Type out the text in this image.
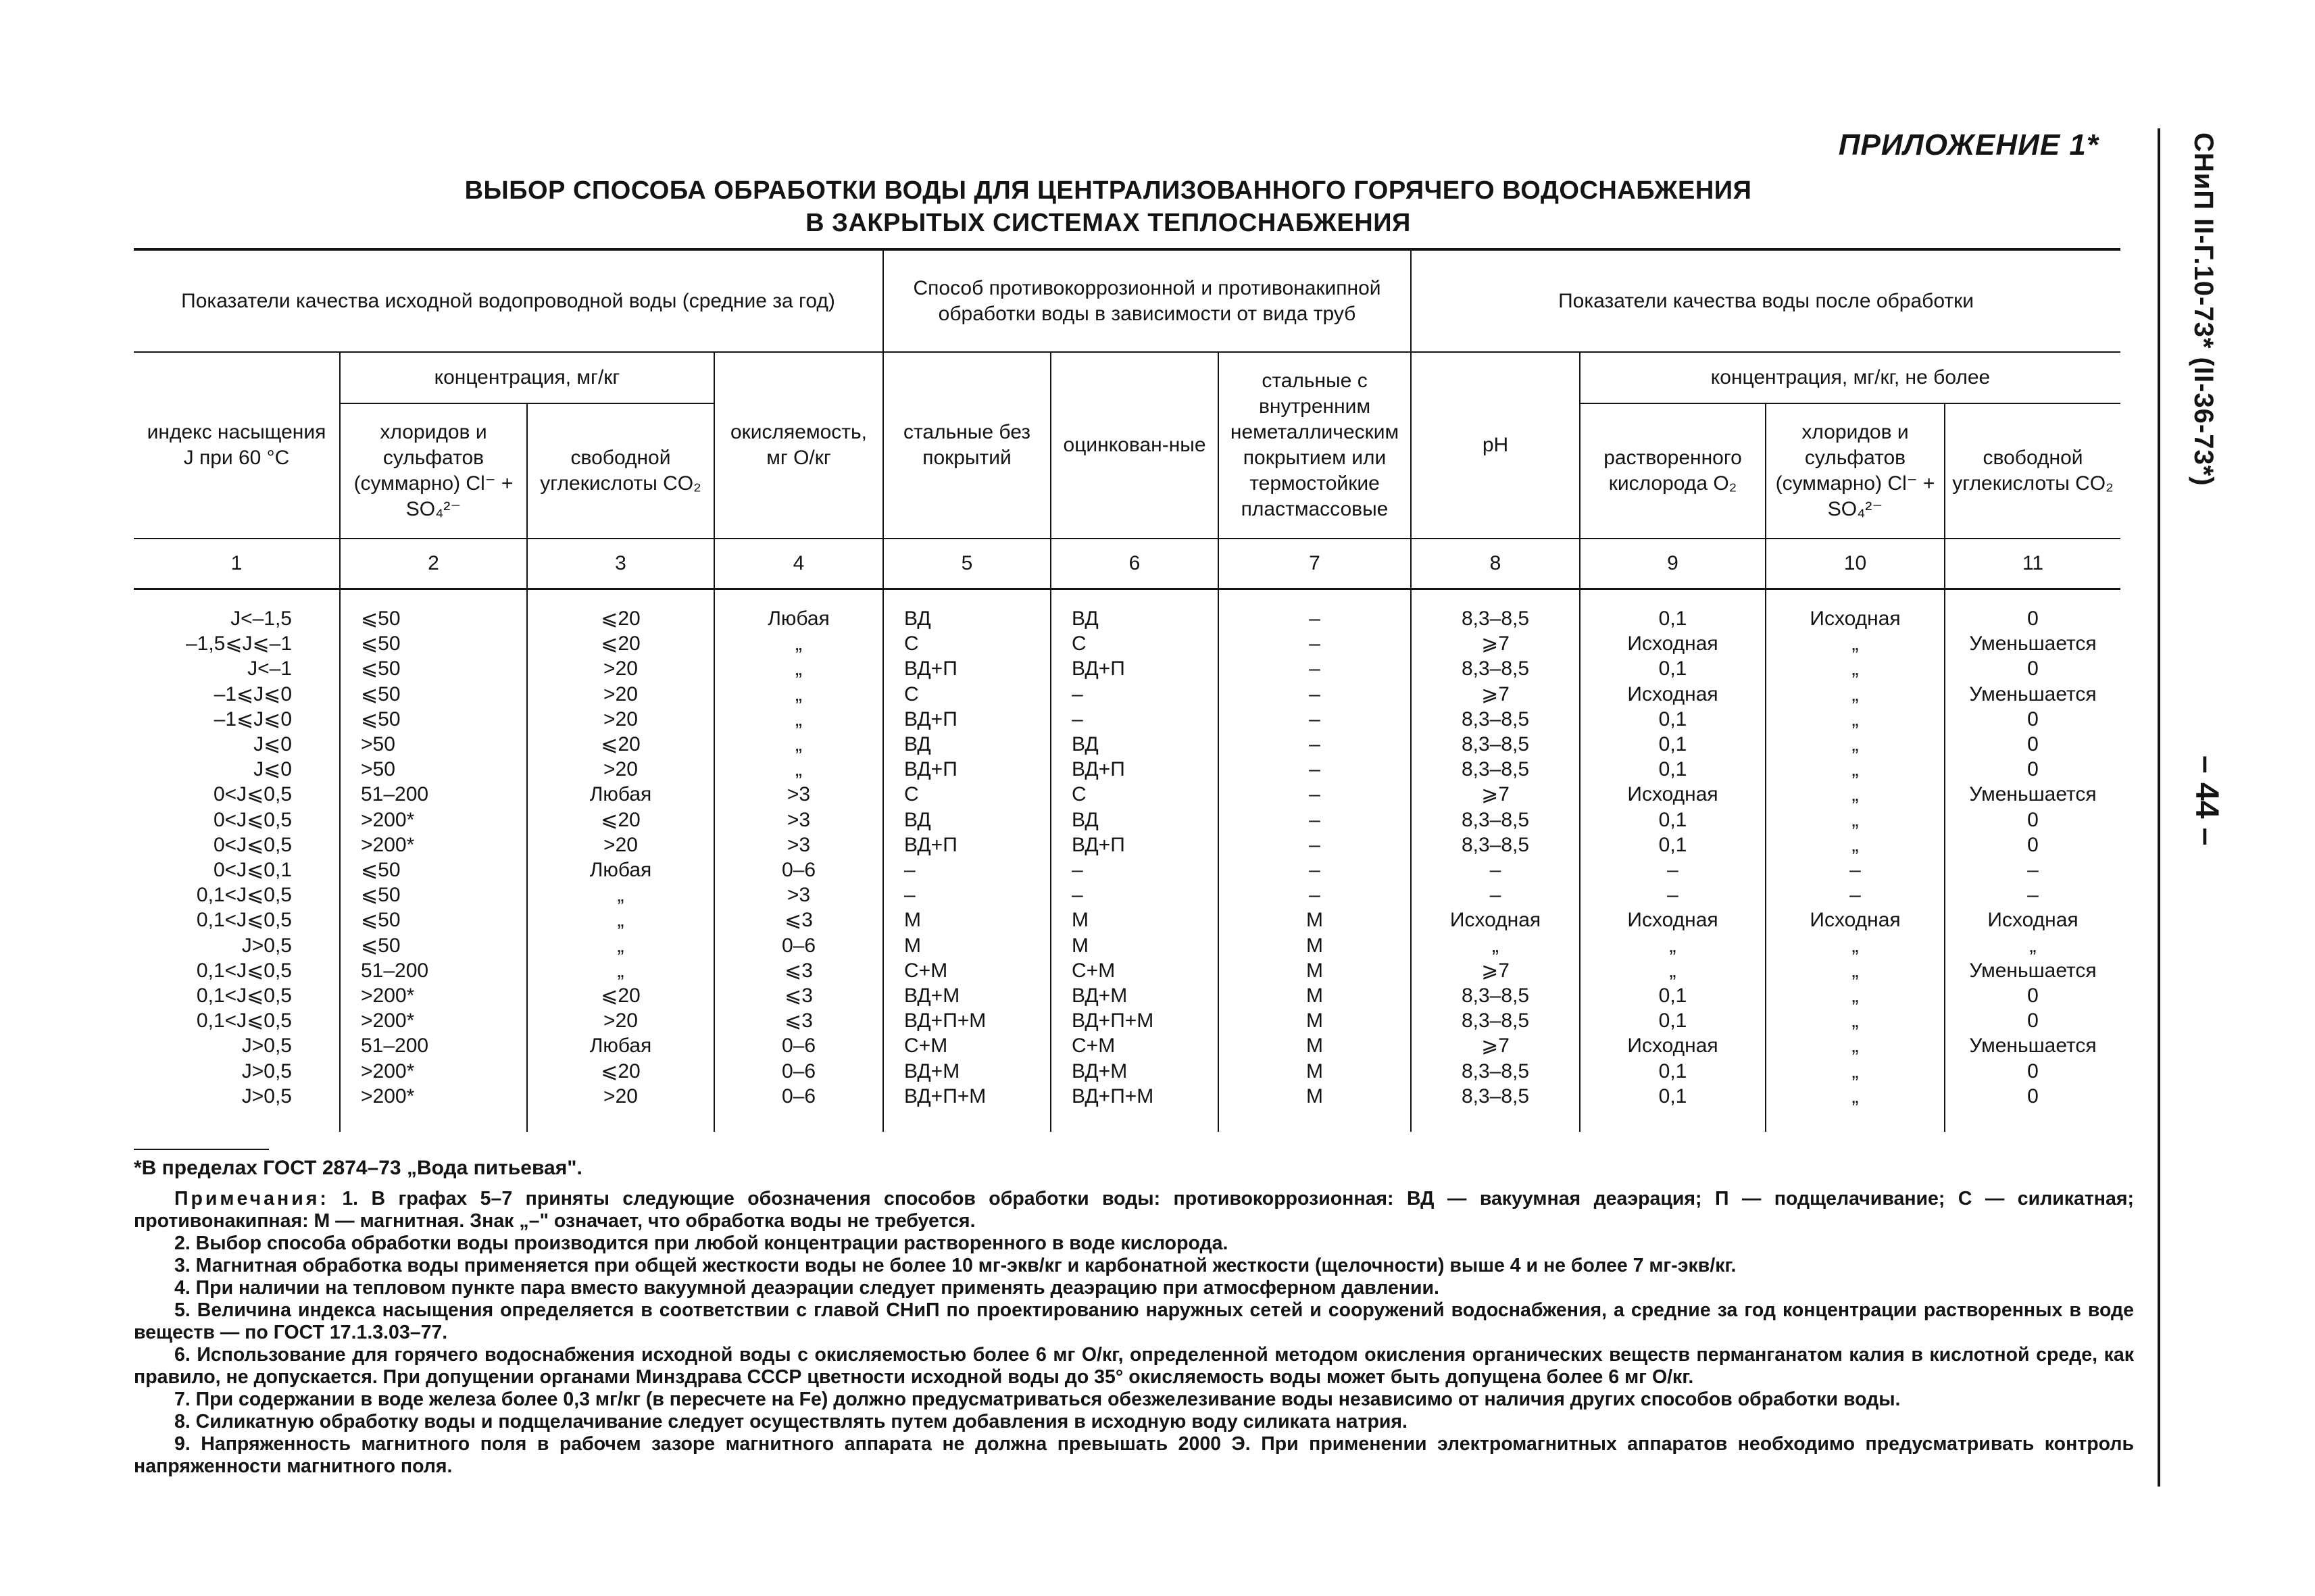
ПРИЛОЖЕНИЕ 1*
ВЫБОР СПОСОБА ОБРАБОТКИ ВОДЫ ДЛЯ ЦЕНТРАЛИЗОВАННОГО ГОРЯЧЕГО ВОДОСНАБЖЕНИЯ
В ЗАКРЫТЫХ СИСТЕМАХ ТЕПЛОСНАБЖЕНИЯ	СНиП II-Г.10-73* (II-36-73*)
– 44 –
Показатели качества исходной водопроводной воды (средние за год)				Способ противокоррозионной и противонакипной обработки воды в зависимости от вида труб			Показатели качества воды после обработки			
индекс насыщения J при 60 °С	концентрация, мг/кг		окисляемость, мг О/кг	стальные без покрытий	оцинкован-ные	стальные с внутренним неметаллическим покрытием или термостойкие пластмассовые	pH	концентрация, мг/кг, не более		
	хлоридов и сульфатов (суммарно) Cl⁻ + SO₄²⁻	свободной углекислоты CO₂						растворенного кислорода O₂	хлоридов и сульфатов (суммарно) Cl⁻ + SO₄²⁻	свободной углекислоты CO₂
1	2	3	4	5	6	7	8	9	10	11
J<–1,5	⩽50	⩽20	Любая	ВД	ВД	–	8,3–8,5	0,1	Исходная	0
–1,5⩽J⩽–1	⩽50	⩽20	„	С	С	–	⩾7	Исходная	„	Уменьшается
J<–1	⩽50	>20	„	ВД+П	ВД+П	–	8,3–8,5	0,1	„	0
–1⩽J⩽0	⩽50	>20	„	С	–	–	⩾7	Исходная	„	Уменьшается
–1⩽J⩽0	⩽50	>20	„	ВД+П	–	–	8,3–8,5	0,1	„	0
J⩽0	>50	⩽20	„	ВД	ВД	–	8,3–8,5	0,1	„	0
J⩽0	>50	>20	„	ВД+П	ВД+П	–	8,3–8,5	0,1	„	0
0<J⩽0,5	51–200	Любая	>3	С	С	–	⩾7	Исходная	„	Уменьшается
0<J⩽0,5	>200*	⩽20	>3	ВД	ВД	–	8,3–8,5	0,1	„	0
0<J⩽0,5	>200*	>20	>3	ВД+П	ВД+П	–	8,3–8,5	0,1	„	0
0<J⩽0,1	⩽50	Любая	0–6	–	–	–	–	–	–	–
0,1<J⩽0,5	⩽50	„	>3	–	–	–	–	–	–	–
0,1<J⩽0,5	⩽50	„	⩽3	М	М	М	Исходная	Исходная	Исходная	Исходная
J>0,5	⩽50	„	0–6	М	М	М	„	„	„	„
0,1<J⩽0,5	51–200	„	⩽3	С+М	С+М	М	⩾7	„	„	Уменьшается
0,1<J⩽0,5	>200*	⩽20	⩽3	ВД+М	ВД+М	М	8,3–8,5	0,1	„	0
0,1<J⩽0,5	>200*	>20	⩽3	ВД+П+М	ВД+П+М	М	8,3–8,5	0,1	„	0
J>0,5	51–200	Любая	0–6	С+М	С+М	М	⩾7	Исходная	„	Уменьшается
J>0,5	>200*	⩽20	0–6	ВД+М	ВД+М	М	8,3–8,5	0,1	„	0
J>0,5	>200*	>20	0–6	ВД+П+М	ВД+П+М	М	8,3–8,5	0,1	„	0
*В пределах ГОСТ 2874–73 „Вода питьевая".

Примечания: 1. В графах 5–7 приняты следующие обозначения способов обработки воды: противокоррозионная: ВД — вакуумная деаэрация; П — подщелачивание; С — силикатная; противонакипная: М — магнитная. Знак „–" означает, что обработка воды не требуется.

2. Выбор способа обработки воды производится при любой концентрации растворенного в воде кислорода.

3. Магнитная обработка воды применяется при общей жесткости воды не более 10 мг-экв/кг и карбонатной жесткости (щелочности) выше 4 и не более 7 мг-экв/кг.

4. При наличии на тепловом пункте пара вместо вакуумной деаэрации следует применять деаэрацию при атмосферном давлении.

5. Величина индекса насыщения определяется в соответствии с главой СНиП по проектированию наружных сетей и сооружений водоснабжения, а средние за год концентрации растворенных в воде веществ — по ГОСТ 17.1.3.03–77.

6. Использование для горячего водоснабжения исходной воды с окисляемостью более 6 мг О/кг, определенной методом окисления органических веществ перманганатом калия в кислотной среде, как правило, не допускается. При допущении органами Минздрава СССР цветности исходной воды до 35° окисляемость воды может быть допущена более 6 мг О/кг.

7. При содержании в воде железа более 0,3 мг/кг (в пересчете на Fe) должно предусматриваться обезжелезивание воды независимо от наличия других способов обработки воды.

8. Силикатную обработку воды и подщелачивание следует осуществлять путем добавления в исходную воду силиката натрия.

9. Напряженность магнитного поля в рабочем зазоре магнитного аппарата не должна превышать 2000 Э. При применении электромагнитных аппаратов необходимо предусматривать контроль напряженности магнитного поля.
